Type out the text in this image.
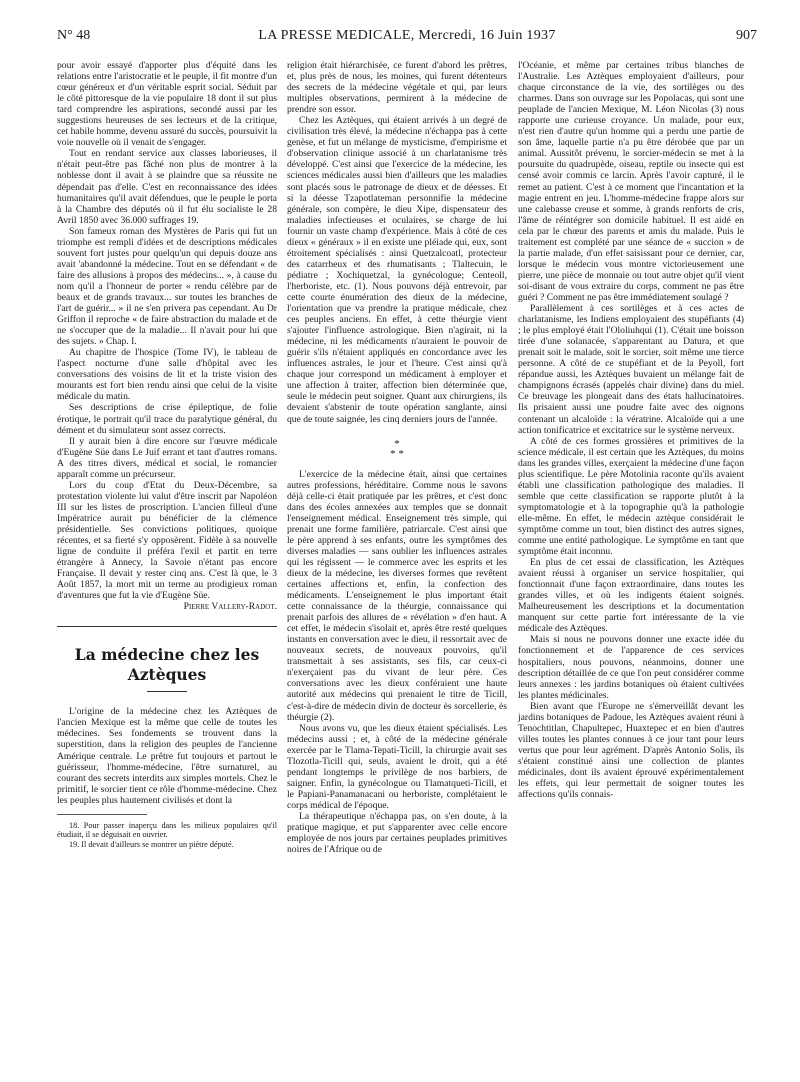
N° 48	LA PRESSE MEDICALE, Mercredi, 16 Juin 1937	907

pour avoir essayé d'apporter plus d'équité dans les relations entre l'aristocratie et le peuple, il fit montre d'un cœur généreux et d'un véritable esprit social. Séduit par le côté pittoresque de la vie populaire 18 dont il sut plus tard comprendre les aspirations, secondé aussi par les suggestions heureuses de ses lecteurs et de la critique, cet habile homme, devenu assuré du succès, poursuivit la voie nouvelle où il venait de s'engager.

Tout en rendant service aux classes laborieuses, il n'était peut-être pas fâché non plus de montrer à la noblesse dont il avait à se plaindre que sa réussite ne dépendait pas d'elle. C'est en reconnaissance des idées humanitaires qu'il avait défendues, que le peuple le porta à la Chambre des députés où il fut élu socialiste le 28 Avril 1850 avec 36.000 suffrages 19.

Son fameux roman des Mystères de Paris qui fut un triomphe est rempli d'idées et de descriptions médicales souvent fort justes pour quelqu'un qui depuis douze ans avait 'abandonné la médecine. Tout en se défendant « de faire des allusions à propos des médecins... », à cause du nom qu'il a l'honneur de porter « rendu célèbre par de beaux et de grands travaux... sur toutes les branches de l'art de guérir... » il ne s'en privera pas cependant. Au Dr Griffon il reproche « de faire abstraction du malade et de ne s'occuper que de la maladie... Il n'avait pour lui que des sujets. » Chap. I.

Au chapitre de l'hospice (Tome IV), le tableau de l'aspect nocturne d'une salle d'hôpital avec les conversations des voisins de lit et la triste vision des mourants est fort bien rendu ainsi que celui de la visite médicale du matin.

Ses descriptions de crise épileptique, de folie érotique, le portrait qu'il trace du paralytique général, du dément et du simulateur sont assez corrects.

Il y aurait bien à dire encore sur l'œuvre médicale d'Eugène Süe dans Le Juif errant et tant d'autres romans. A des titres divers, médical et social, le romancier apparaît comme un précurseur.

Lors du coup d'Etat du Deux-Décembre, sa protestation violente lui valut d'être inscrit par Napoléon III sur les listes de proscription. L'ancien filleul d'une Impératrice aurait pu bénéficier de la clémence présidentielle. Ses convictions politiques, quoique récentes, et sa fierté s'y opposèrent. Fidèle à sa nouvelle ligne de conduite il préféra l'exil et partit en terre étrangère à Annecy, la Savoie n'étant pas encore Française. Il devait y rester cinq ans. C'est là que, le 3 Août 1857, la mort mit un terme au prodigieux roman d'aventures que fut la vie d'Eugène Süe.

Pierre Vallery-Radot.

La médecine chez les Aztèques

L'origine de la médecine chez les Aztèques de l'ancien Mexique est la même que celle de toutes les médecines. Ses fondements se trouvent dans la superstition, dans la religion des peuples de l'ancienne Amérique centrale. Le prêtre fut toujours et partout le guérisseur, l'homme-médecine, l'être surnaturel, au courant des secrets interdits aux simples mortels. Chez le primitif, le sorcier tient ce rôle d'homme-médecine. Chez les peuples plus hautement civilisés et dont la

18. Pour passer inaperçu dans les milieux populaires qu'il étudiait, il se déguisait en ouvrier.

19. Il devait d'ailleurs se montrer un piètre député.

religion était hiérarchisée, ce furent d'abord les prêtres, et, plus près de nous, les moines, qui furent détenteurs des secrets de la médecine végétale et qui, par leurs multiples observations, permirent à la médecine de prendre son essor.

Chez les Aztèques, qui étaient arrivés à un degré de civilisation très élevé, la médecine n'échappa pas à cette genèse, et fut un mélange de mysticisme, d'empirisme et d'observation clinique associé à un charlatanisme très développé. C'est ainsi que l'exercice de la médecine, les sciences médicales aussi bien d'ailleurs que les maladies sont placés sous le patronage de dieux et de déesses. Et si la déesse Tzapotlateman personnifie la médecine générale, son compère, le dieu Xipe, dispensateur des maladies infectieuses et oculaires, se charge de lui fournir un vaste champ d'expérience. Mais à côté de ces dieux « généraux » il en existe une pléiade qui, eux, sont étroitement spécialisés : ainsi Quetzalcoatl, protecteur des catarrheux et des rhumatisants ; Tlaltecuin, le pédiatre ; Xochiquetzal, la gynécologue; Centeoll, l'herboriste, etc. (1). Nous pouvons déjà entrevoir, par cette courte énumération des dieux de la médecine, l'orientation que va prendre la pratique médicale, chez ces peuples anciens. En effet, à cette théurgie vient s'ajouter l'influence astrologique. Bien n'agirait, ni la médecine, ni les médicaments n'auraient le pouvoir de guérir s'ils n'étaient appliqués en concordance avec les influences astrales, le jour et l'heure. C'est ainsi qu'à chaque jour correspond un médicament à employer et une affection à traiter, affection bien déterminée que, seule le médecin peut soigner. Quant aux chirurgiens, ils devaient s'abstenir de toute opération sanglante, ainsi que de toute saignée, les cinq derniers jours de l'année.

*
* *

L'exercice de la médecine était, ainsi que certaines autres professions, héréditaire. Comme nous le savons déjà celle-ci était pratiquée par les prêtres, et c'est donc dans des écoles annexées aux temples que se donnait l'enseignement médical. Enseignement très simple, qui prenait une forme familière, patriarcale. C'est ainsi que le père apprend à ses enfants, outre les symptômes des diverses maladies — sans oublier les influences astrales qui les régissent — le commerce avec les esprits et les dieux de la médecine, les diverses formes que revêtent certaines affections et, enfin, la confection des médicaments. L'enseignement le plus important était cette connaissance de la théurgie, connaissance qui prenait parfois des allures de « révélation » d'en haut. A cet effet, le médecin s'isolait et, après être resté quelques instants en conversation avec le dieu, il ressortait avec de nouveaux secrets, de nouveaux pouvoirs, qu'il transmettait à ses assistants, ses fils, car ceux-ci n'exerçaient pas du vivant de leur père. Ces conversations avec les dieux conféraient une haute autorité aux médecins qui prenaient le titre de Ticill, c'est-à-dire de médecin divin de docteur ès sorcellerie, ès théurgie (2).

Nous avons vu, que les dieux étaient spécialisés. Les médecins aussi ; et, à côté de la médecine générale exercée par le Tlama-Tepati-Ticill, la chirurgie avait ses Tlozotla-Ticill qui, seuls, avaient le droit, qui a été pendant longtemps le privilège de nos barbiers, de saigner. Enfin, la gynécologue ou Tlamatqueti-Ticill, et le Papiani-Panamanacani ou herboriste, complétaient le corps médical de l'époque.

La thérapeutique n'échappa pas, on s'en doute, à la pratique magique, et put s'apparenter avec celle encore employée de nos jours par certaines peuplades primitives noires de l'Afrique ou de

l'Océanie, et même par certaines tribus blanches de l'Australie. Les Aztèques employaient d'ailleurs, pour chaque circonstance de la vie, des sortilèges ou des charmes. Dans son ouvrage sur les Popolacas, qui sont une peuplade de l'ancien Mexique, M. Léon Nicolas (3) nous rapporte une curieuse croyance. Un malade, pour eux, n'est rien d'autre qu'un homme qui a perdu une partie de son âme, laquelle partie n'a pu être dérobée que par un animal. Aussitôt prévenu, le sorcier-médecin se met à la poursuite du quadrupède, oiseau, reptile ou insecte qui est censé avoir commis ce larcin. Après l'avoir capturé, il le remet au patient. C'est à ce moment que l'incantation et la magie entrent en jeu. L'homme-médecine frappe alors sur une calebasse creuse et somme, à grands renforts de cris, l'âme de réintégrer son domicile habituel. Il est aidé en cela par le chœur des parents et amis du malade. Puis le traitement est complété par une séance de « succion » de la partie malade, d'un effet saisissant pour ce dernier, car, lorsque le médecin vous montre victorieusement une pierre, une pièce de monnaie ou tout autre objet qu'il vient soi-disant de vous extraire du corps, comment ne pas être guéri ? Comment ne pas être immédiatement soulagé ?

Parallèlement à ces sortilèges et à ces actes de charlatanisme, les Indiens employaient des stupéfiants (4) ; le plus employé était l'Ololiuhqui (1). C'était une boisson tirée d'une solanacée, s'apparentant au Datura, et que prenait soit le malade, soit le sorcier, soit même une tierce personne. A côté de ce stupéfiant et de la Peyoll, fort répandue aussi, les Aztèques buvaient un mélange fait de champignons écrasés (appelés chair divine) dans du miel. Ce breuvage les plongeait dans des états hallucinatoires. Ils prisaient aussi une poudre faite avec des oignons contenant un alcaloïde : la vératrine. Alcaloïde qui a une action tonificatrice et excitatrice sur le système nerveux.

A côté de ces formes grossières et primitives de la science médicale, il est certain que les Aztèques, du moins dans les grandes villes, exerçaient la médecine d'une façon plus scientifique. Le père Motolinia raconte qu'ils avaient établi une classification pathologique des maladies. Il semble que cette classification se rapporte plutôt à la symptomatologie et à la topographie qu'à la pathologie elle-même. En effet, le médecin aztèque considérait le symptôme comme un tout, bien distinct des autres signes, comme une entité pathologique. Le symptôme en tant que symptôme était inconnu.

En plus de cet essai de classification, les Aztèques avaient réussi à organiser un service hospitalier, qui fonctionnait d'une façon extraordinaire, dans toutes les grandes villes, et où les indigents étaient soignés. Malheureusement les descriptions et la documentation manquent sur cette partie fort intéressante de la vie médicale des Aztèques.

Mais si nous ne pouvons donner une exacte idée du fonctionnement et de l'apparence de ces services hospitaliers, nous pouvons, néanmoins, donner une description détaillée de ce que l'on peut considérer comme leurs annexes : les jardins botaniques où étaient cultivées les plantes médicinales.

Bien avant que l'Europe ne s'émerveillât devant les jardins botaniques de Padoue, les Aztèques avaient réuni à Tenochtitlan, Chapultepec, Huaxtepec et en bien d'autres villes toutes les plantes connues à ce jour tant pour leurs vertus que pour leur agrément. D'après Antonio Solis, ils s'étaient constitué ainsi une collection de plantes médicinales, dont ils avaient éprouvé expérimentalement les effets, qui leur permettait de soigner toutes les affections qu'ils connais-
